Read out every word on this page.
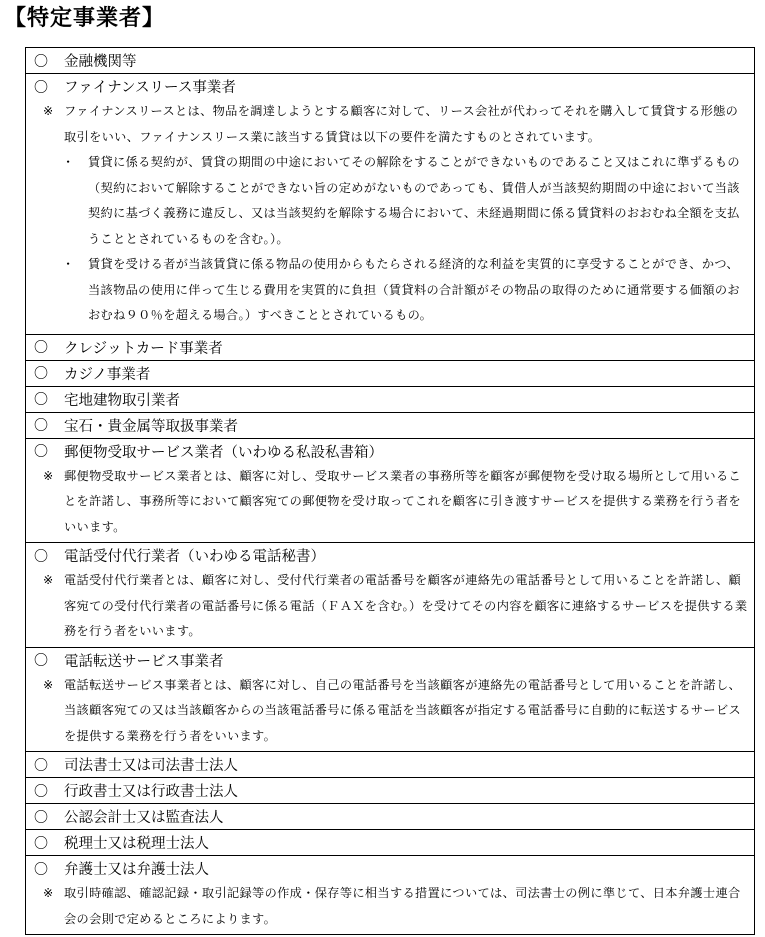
【特定事業者】
〇 金融機関等
〇 ファイナンスリース事業者
※ ファイナンスリースとは、物品を調達しようとする顧客に対して、リース会社が代わってそれを購入して賃貸する形態の取引をいい、ファイナンスリース業に該当する賃貸は以下の要件を満たすものとされています。
・ 賃貸に係る契約が、賃貸の期間の中途においてその解除をすることができないものであること又はこれに準ずるもの（契約において解除することができない旨の定めがないものであっても、賃借人が当該契約期間の中途において当該契約に基づく義務に違反し、又は当該契約を解除する場合において、未経過期間に係る賃貸料のおおむね全額を支払うこととされているものを含む。）。
・ 賃貸を受ける者が当該賃貸に係る物品の使用からもたらされる経済的な利益を実質的に享受することができ、かつ、当該物品の使用に伴って生じる費用を実質的に負担（賃貸料の合計額がその物品の取得のために通常要する価額のおおむね９０％を超える場合。）すべきこととされているもの。
〇 クレジットカード事業者
〇 カジノ事業者
〇 宅地建物取引業者
〇 宝石・貴金属等取扱事業者
〇 郵便物受取サービス業者（いわゆる私設私書箱）
※ 郵便物受取サービス業者とは、顧客に対し、受取サービス業者の事務所等を顧客が郵便物を受け取る場所として用いることを許諾し、事務所等において顧客宛ての郵便物を受け取ってこれを顧客に引き渡すサービスを提供する業務を行う者をいいます。
〇 電話受付代行業者（いわゆる電話秘書）
※ 電話受付代行業者とは、顧客に対し、受付代行業者の電話番号を顧客が連絡先の電話番号として用いることを許諾し、顧客宛ての受付代行業者の電話番号に係る電話（ＦＡＸを含む。）を受けてその内容を顧客に連絡するサービスを提供する業務を行う者をいいます。
〇 電話転送サービス事業者
※ 電話転送サービス事業者とは、顧客に対し、自己の電話番号を当該顧客が連絡先の電話番号として用いることを許諾し、当該顧客宛ての又は当該顧客からの当該電話番号に係る電話を当該顧客が指定する電話番号に自動的に転送するサービスを提供する業務を行う者をいいます。
〇 司法書士又は司法書士法人
〇 行政書士又は行政書士法人
〇 公認会計士又は監査法人
〇 税理士又は税理士法人
〇 弁護士又は弁護士法人
※ 取引時確認、確認記録・取引記録等の作成・保存等に相当する措置については、司法書士の例に準じて、日本弁護士連合会の会則で定めるところによります。
